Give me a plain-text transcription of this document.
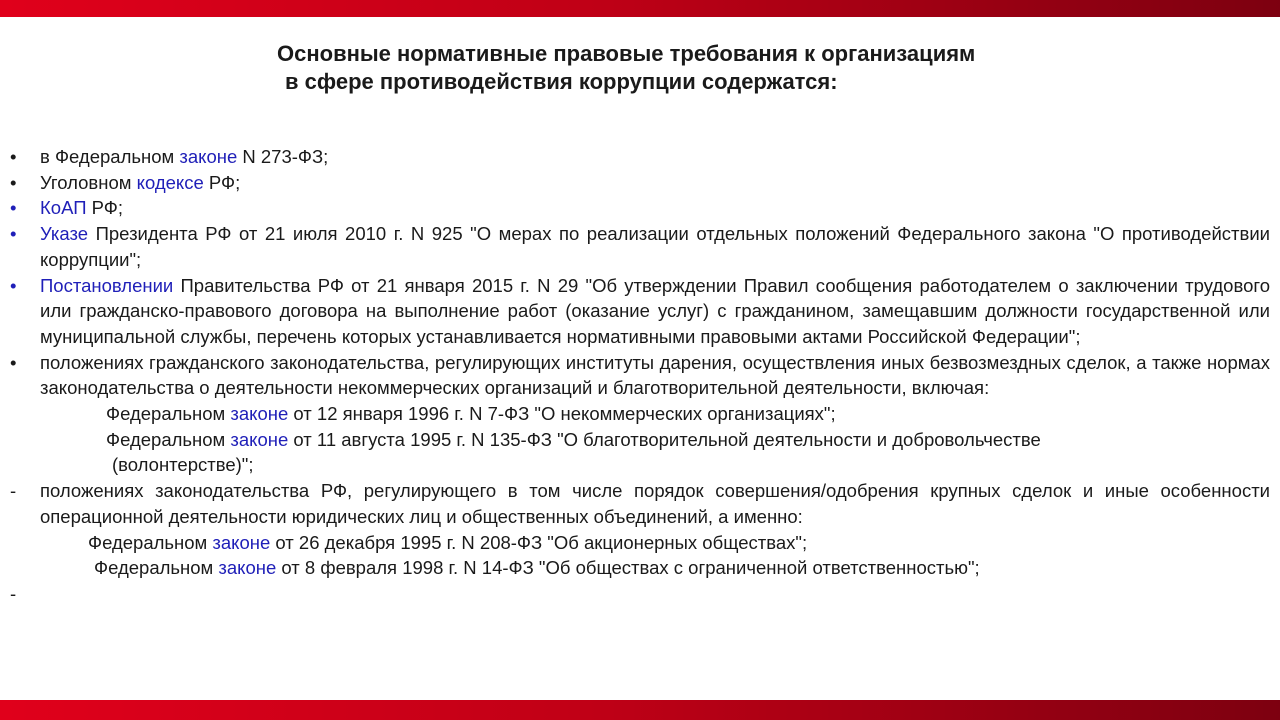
Основные нормативные правовые требования к организациям
в сфере противодействия коррупции содержатся:
• в Федеральном законе N 273-ФЗ;
• Уголовном кодексе РФ;
• КоАП РФ;
• Указе Президента РФ от 21 июля 2010 г. N 925 "О мерах по реализации отдельных положений Федерального закона "О противодействии коррупции";
• Постановлении Правительства РФ от 21 января 2015 г. N 29 "Об утверждении Правил сообщения работодателем о заключении трудового или гражданско-правового договора на выполнение работ (оказание услуг) с гражданином, замещавшим должности государственной или муниципальной службы, перечень которых устанавливается нормативными правовыми актами Российской Федерации";
• положениях гражданского законодательства, регулирующих институты дарения, осуществления иных безвозмездных сделок, а также нормах законодательства о деятельности некоммерческих организаций и благотворительной деятельности, включая:
Федеральном законе от 12 января 1996 г. N 7-ФЗ "О некоммерческих организациях";
Федеральном законе от 11 августа 1995 г. N 135-ФЗ "О благотворительной деятельности и добровольчестве
(волонтерстве)";
- положениях законодательства РФ, регулирующего в том числе порядок совершения/одобрения крупных сделок и иные особенности операционной деятельности юридических лиц и общественных объединений, а именно:
Федеральном законе от 26 декабря 1995 г. N 208-ФЗ "Об акционерных обществах";
Федеральном законе от 8 февраля 1998 г. N 14-ФЗ "Об обществах с ограниченной ответственностью";
-
